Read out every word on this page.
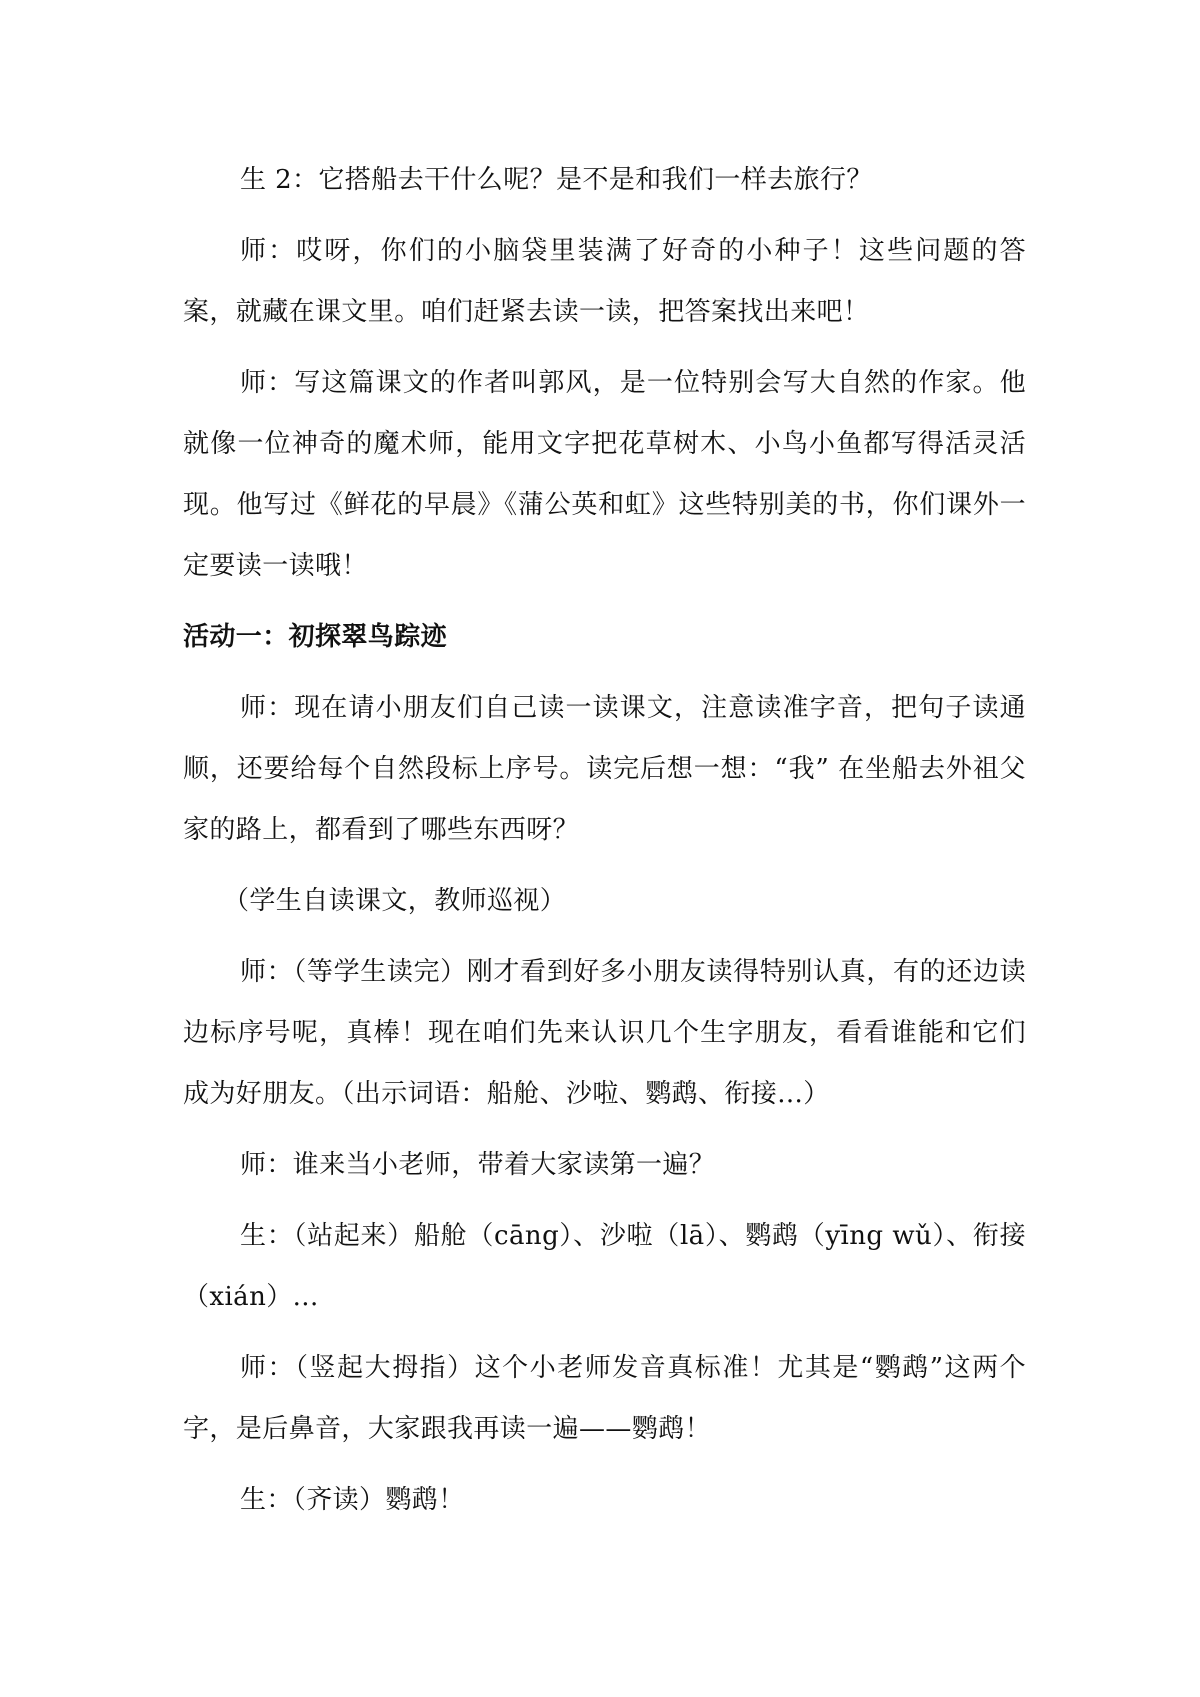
生 2：它搭船去干什么呢？是不是和我们一样去旅行？

师：哎呀，你们的小脑袋里装满了好奇的小种子！这些问题的答案，就藏在课文里。咱们赶紧去读一读，把答案找出来吧！

师：写这篇课文的作者叫郭风，是一位特别会写大自然的作家。他就像一位神奇的魔术师，能用文字把花草树木、小鸟小鱼都写得活灵活现。他写过《鲜花的早晨》《蒲公英和虹》这些特别美的书，你们课外一定要读一读哦！

活动一：初探翠鸟踪迹

师：现在请小朋友们自己读一读课文，注意读准字音，把句子读通顺，还要给每个自然段标上序号。读完后想一想：“我” 在坐船去外祖父家的路上，都看到了哪些东西呀？

（学生自读课文，教师巡视）

师：（等学生读完）刚才看到好多小朋友读得特别认真，有的还边读边标序号呢，真棒！现在咱们先来认识几个生字朋友，看看谁能和它们成为好朋友。（出示词语：船舱、沙啦、鹦鹉、衔接...）

师：谁来当小老师，带着大家读第一遍？

生：（站起来）船舱（cāng）、沙啦（lā）、鹦鹉（yīng wǔ）、衔接（xián）...

师：（竖起大拇指）这个小老师发音真标准！尤其是“鹦鹉”这两个字，是后鼻音，大家跟我再读一遍——鹦鹉！

生：（齐读）鹦鹉！
